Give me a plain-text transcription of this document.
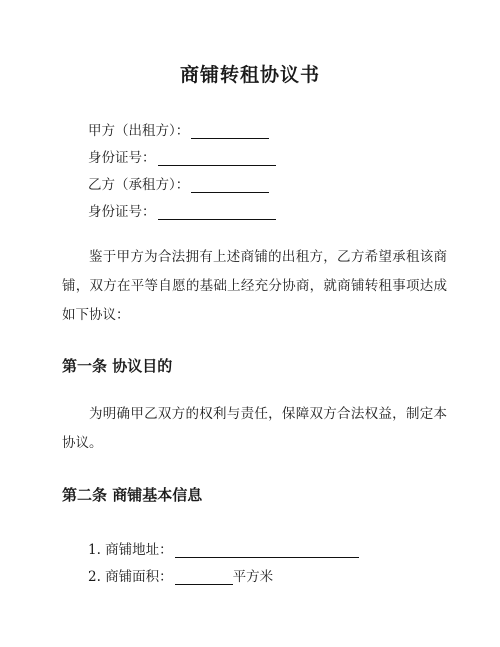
商铺转租协议书
甲方（出租方）：
身份证号：
乙方（承租方）：
身份证号：
鉴于甲方为合法拥有上述商铺的出租方，乙方希望承租该商铺，双方在平等自愿的基础上经充分协商，就商铺转租事项达成如下协议：
第一条 协议目的
为明确甲乙双方的权利与责任，保障双方合法权益，制定本协议。
第二条 商铺基本信息
1. 商铺地址：
2. 商铺面积：	平方米
